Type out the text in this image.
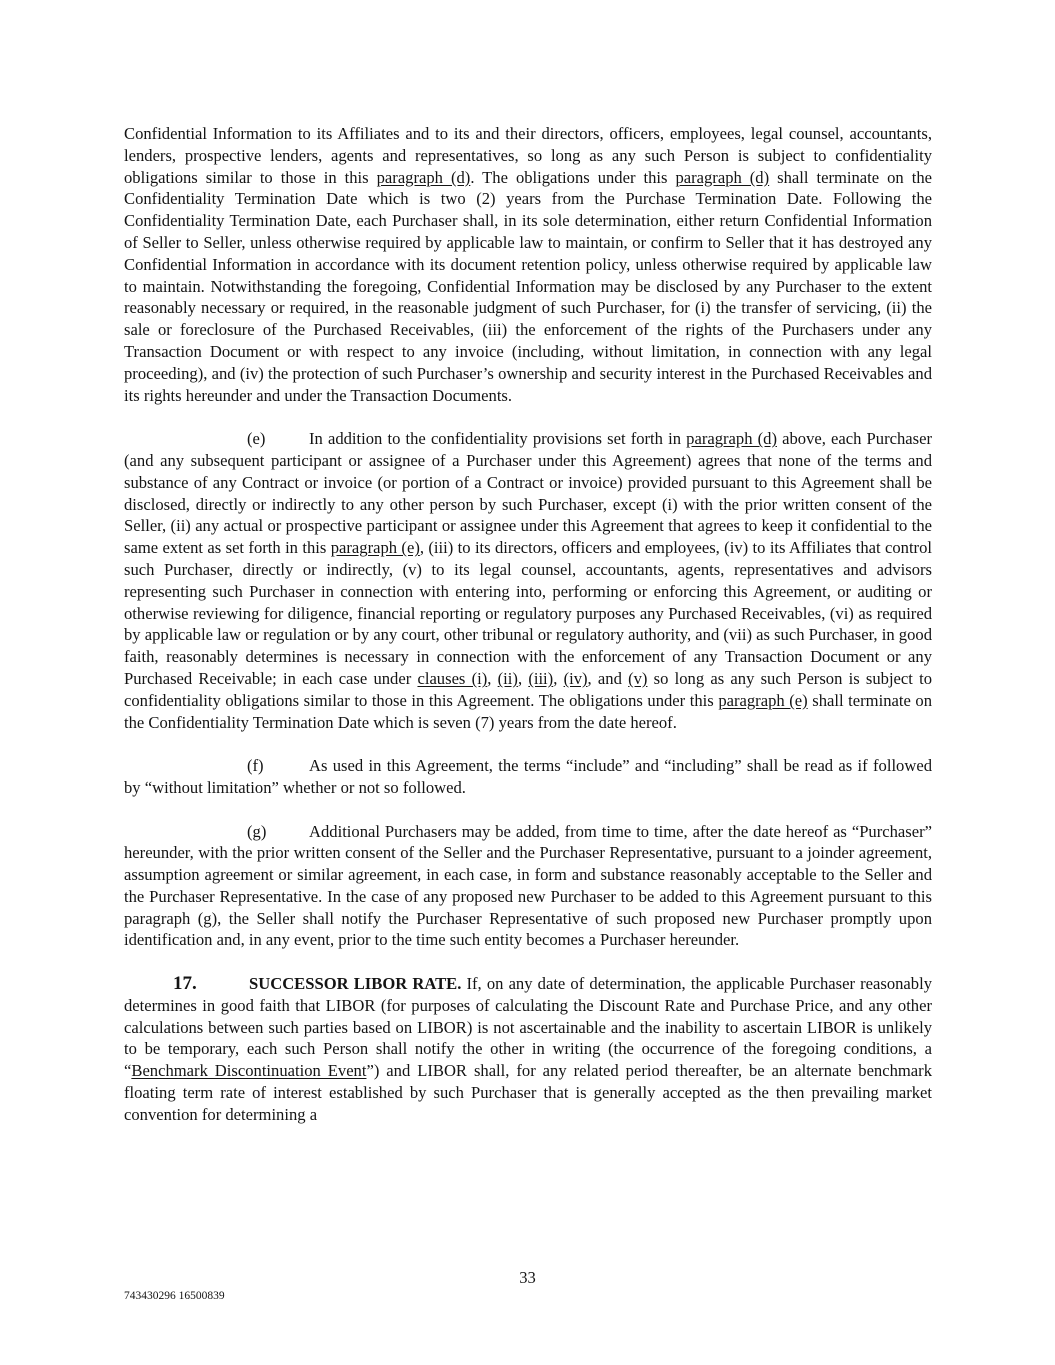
Confidential Information to its Affiliates and to its and their directors, officers, employees, legal counsel, accountants, lenders, prospective lenders, agents and representatives, so long as any such Person is subject to confidentiality obligations similar to those in this paragraph (d). The obligations under this paragraph (d) shall terminate on the Confidentiality Termination Date which is two (2) years from the Purchase Termination Date. Following the Confidentiality Termination Date, each Purchaser shall, in its sole determination, either return Confidential Information of Seller to Seller, unless otherwise required by applicable law to maintain, or confirm to Seller that it has destroyed any Confidential Information in accordance with its document retention policy, unless otherwise required by applicable law to maintain. Notwithstanding the foregoing, Confidential Information may be disclosed by any Purchaser to the extent reasonably necessary or required, in the reasonable judgment of such Purchaser, for (i) the transfer of servicing, (ii) the sale or foreclosure of the Purchased Receivables, (iii) the enforcement of the rights of the Purchasers under any Transaction Document or with respect to any invoice (including, without limitation, in connection with any legal proceeding), and (iv) the protection of such Purchaser’s ownership and security interest in the Purchased Receivables and its rights hereunder and under the Transaction Documents.

(e)	In addition to the confidentiality provisions set forth in paragraph (d) above, each Purchaser (and any subsequent participant or assignee of a Purchaser under this Agreement) agrees that none of the terms and substance of any Contract or invoice (or portion of a Contract or invoice) provided pursuant to this Agreement shall be disclosed, directly or indirectly to any other person by such Purchaser, except (i) with the prior written consent of the Seller, (ii) any actual or prospective participant or assignee under this Agreement that agrees to keep it confidential to the same extent as set forth in this paragraph (e), (iii) to its directors, officers and employees, (iv) to its Affiliates that control such Purchaser, directly or indirectly, (v) to its legal counsel, accountants, agents, representatives and advisors representing such Purchaser in connection with entering into, performing or enforcing this Agreement, or auditing or otherwise reviewing for diligence, financial reporting or regulatory purposes any Purchased Receivables, (vi) as required by applicable law or regulation or by any court, other tribunal or regulatory authority, and (vii) as such Purchaser, in good faith, reasonably determines is necessary in connection with the enforcement of any Transaction Document or any Purchased Receivable; in each case under clauses (i), (ii), (iii), (iv), and (v) so long as any such Person is subject to confidentiality obligations similar to those in this Agreement. The obligations under this paragraph (e) shall terminate on the Confidentiality Termination Date which is seven (7) years from the date hereof.

(f)	As used in this Agreement, the terms “include” and “including” shall be read as if followed by “without limitation” whether or not so followed.

(g)	Additional Purchasers may be added, from time to time, after the date hereof as “Purchaser” hereunder, with the prior written consent of the Seller and the Purchaser Representative, pursuant to a joinder agreement, assumption agreement or similar agreement, in each case, in form and substance reasonably acceptable to the Seller and the Purchaser Representative. In the case of any proposed new Purchaser to be added to this Agreement pursuant to this paragraph (g), the Seller shall notify the Purchaser Representative of such proposed new Purchaser promptly upon identification and, in any event, prior to the time such entity becomes a Purchaser hereunder.

17.	SUCCESSOR LIBOR RATE. If, on any date of determination, the applicable Purchaser reasonably determines in good faith that LIBOR (for purposes of calculating the Discount Rate and Purchase Price, and any other calculations between such parties based on LIBOR) is not ascertainable and the inability to ascertain LIBOR is unlikely to be temporary, each such Person shall notify the other in writing (the occurrence of the foregoing conditions, a “Benchmark Discontinuation Event”) and LIBOR shall, for any related period thereafter, be an alternate benchmark floating term rate of interest established by such Purchaser that is generally accepted as the then prevailing market convention for determining a

33
743430296 16500839
